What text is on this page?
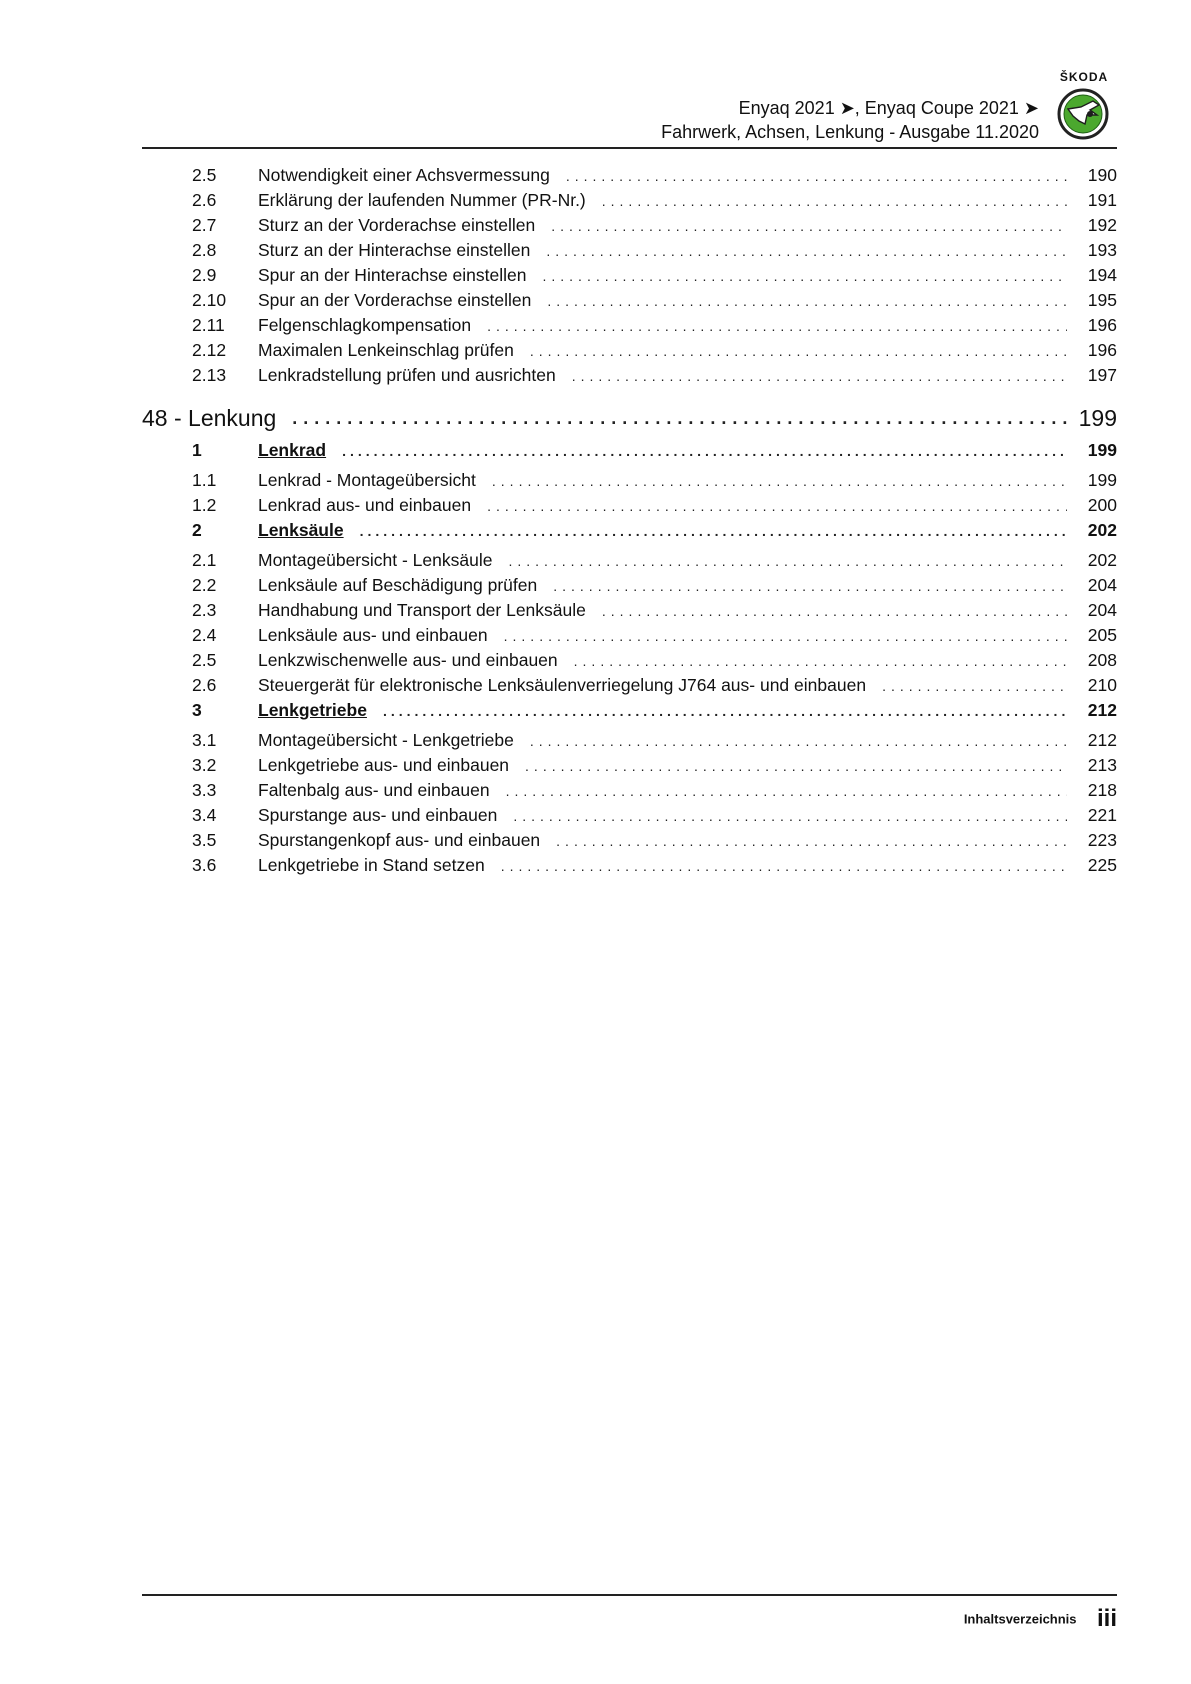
ŠKODA
Enyaq 2021 ➤, Enyaq Coupe 2021 ➤
Fahrwerk, Achsen, Lenkung - Ausgabe 11.2020
2.5	Notwendigkeit einer Achsvermessung .....	190
2.6	Erklärung der laufenden Nummer (PR-Nr.) .....	191
2.7	Sturz an der Vorderachse einstellen .....	192
2.8	Sturz an der Hinterachse einstellen .....	193
2.9	Spur an der Hinterachse einstellen .....	194
2.10	Spur an der Vorderachse einstellen .....	195
2.11	Felgenschlagkompensation .....	196
2.12	Maximalen Lenkeinschlag prüfen .....	196
2.13	Lenkradstellung prüfen und ausrichten .....	197
48 - Lenkung .....	199
1	Lenkrad .....	199
1.1	Lenkrad - Montageübersicht .....	199
1.2	Lenkrad aus- und einbauen .....	200
2	Lenksäule .....	202
2.1	Montageübersicht - Lenksäule .....	202
2.2	Lenksäule auf Beschädigung prüfen .....	204
2.3	Handhabung und Transport der Lenksäule .....	204
2.4	Lenksäule aus- und einbauen .....	205
2.5	Lenkzwischenwelle aus- und einbauen .....	208
2.6	Steuergerät für elektronische Lenksäulenverriegelung J764 aus- und einbauen .....	210
3	Lenkgetriebe .....	212
3.1	Montageübersicht - Lenkgetriebe .....	212
3.2	Lenkgetriebe aus- und einbauen .....	213
3.3	Faltenbalg aus- und einbauen .....	218
3.4	Spurstange aus- und einbauen .....	221
3.5	Spurstangenkopf aus- und einbauen .....	223
3.6	Lenkgetriebe in Stand setzen .....	225
Inhaltsverzeichnis iii
